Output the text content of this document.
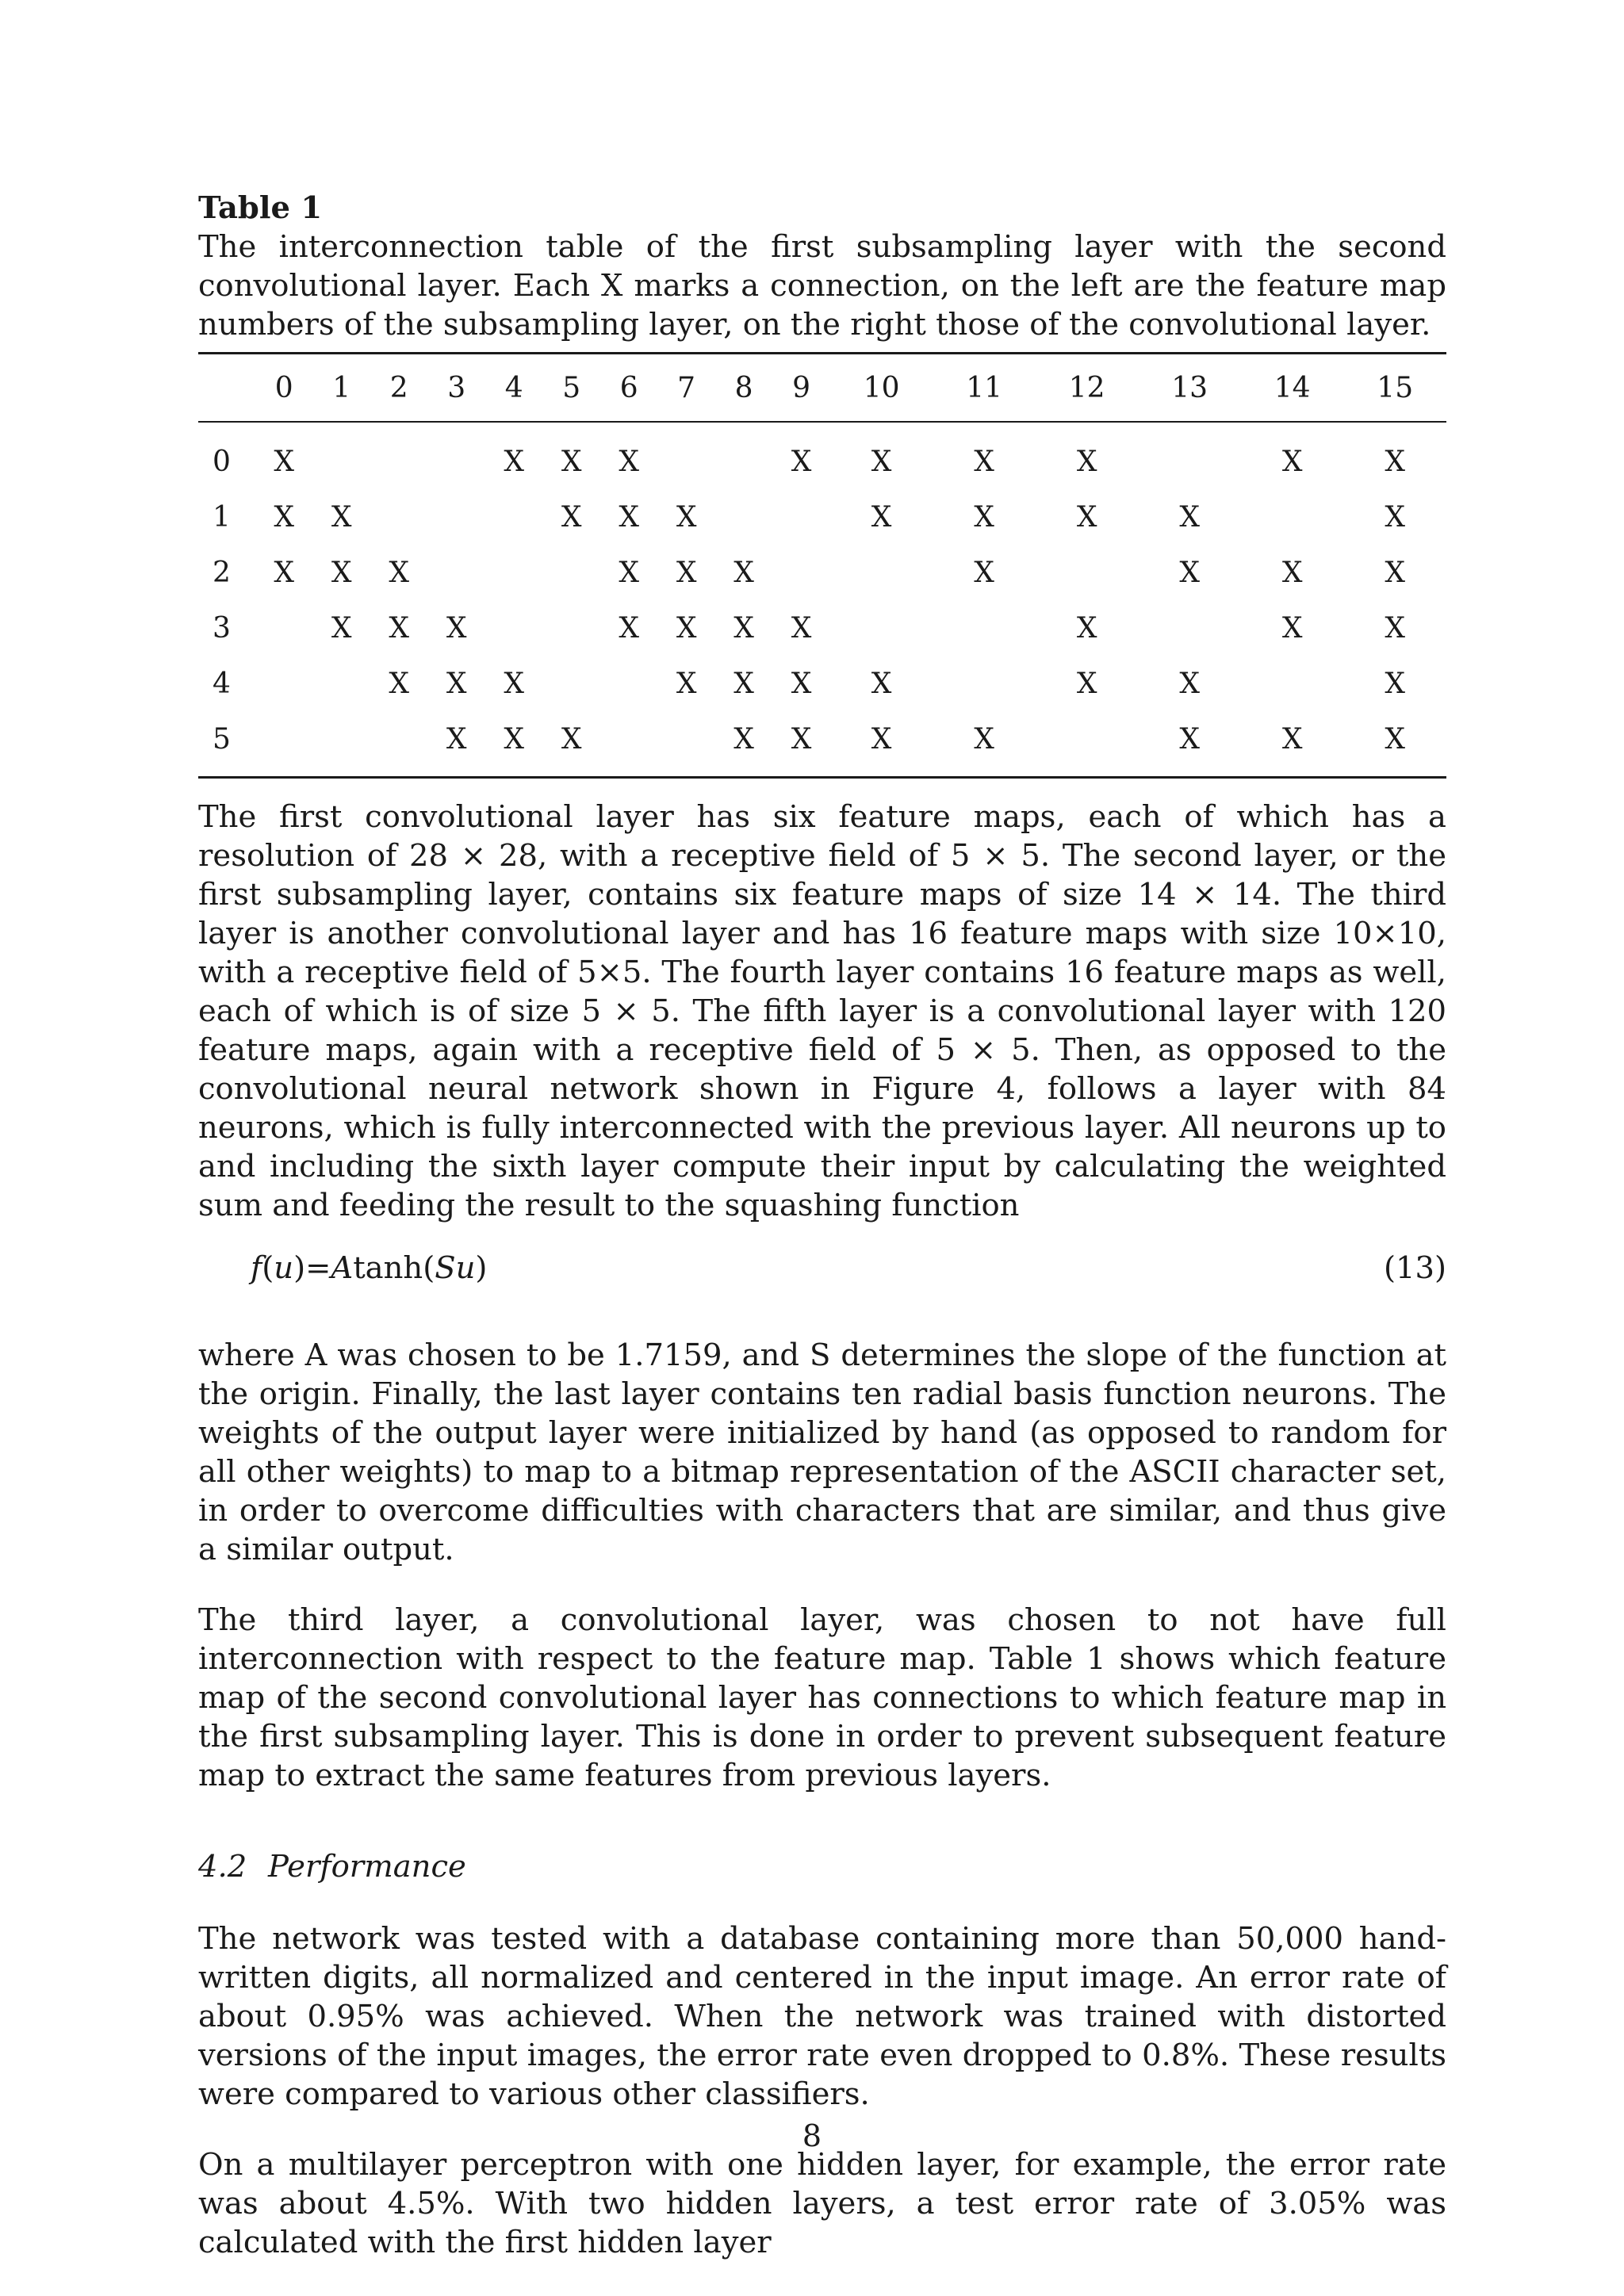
Table 1

The interconnection table of the first subsampling layer with the second convolutional layer. Each X marks a connection, on the left are the feature map numbers of the subsampling layer, on the right those of the convolutional layer.

	0	1	2	3	4	5	6	7	8	9	10	11	12	13	14	15
0	X				X	X	X			X	X	X	X		X	X
1	X	X				X	X	X			X	X	X	X		X
2	X	X	X				X	X	X			X		X	X	X
3		X	X	X			X	X	X	X			X		X	X
4			X	X	X			X	X	X	X		X	X		X
5				X	X	X			X	X	X	X		X	X	X

The first convolutional layer has six feature maps, each of which has a resolution of 28 × 28, with a receptive field of 5 × 5. The second layer, or the first subsampling layer, contains six feature maps of size 14 × 14. The third layer is another convolutional layer and has 16 feature maps with size 10×10, with a receptive field of 5×5. The fourth layer contains 16 feature maps as well, each of which is of size 5 × 5. The fifth layer is a convolutional layer with 120 feature maps, again with a receptive field of 5 × 5. Then, as opposed to the convolutional neural network shown in Figure 4, follows a layer with 84 neurons, which is fully interconnected with the previous layer. All neurons up to and including the sixth layer compute their input by calculating the weighted sum and feeding the result to the squashing function

f(u)=Atanh(Su)	(13)

where A was chosen to be 1.7159, and S determines the slope of the function at the origin. Finally, the last layer contains ten radial basis function neurons. The weights of the output layer were initialized by hand (as opposed to random for all other weights) to map to a bitmap representation of the ASCII character set, in order to overcome difficulties with characters that are similar, and thus give a similar output.

The third layer, a convolutional layer, was chosen to not have full interconnection with respect to the feature map. Table 1 shows which feature map of the second convolutional layer has connections to which feature map in the first subsampling layer. This is done in order to prevent subsequent feature map to extract the same features from previous layers.

4.2 Performance

The network was tested with a database containing more than 50,000 hand-written digits, all normalized and centered in the input image. An error rate of about 0.95% was achieved. When the network was trained with distorted versions of the input images, the error rate even dropped to 0.8%. These results were compared to various other classifiers.

On a multilayer perceptron with one hidden layer, for example, the error rate was about 4.5%. With two hidden layers, a test error rate of 3.05% was calculated with the first hidden layer

8
